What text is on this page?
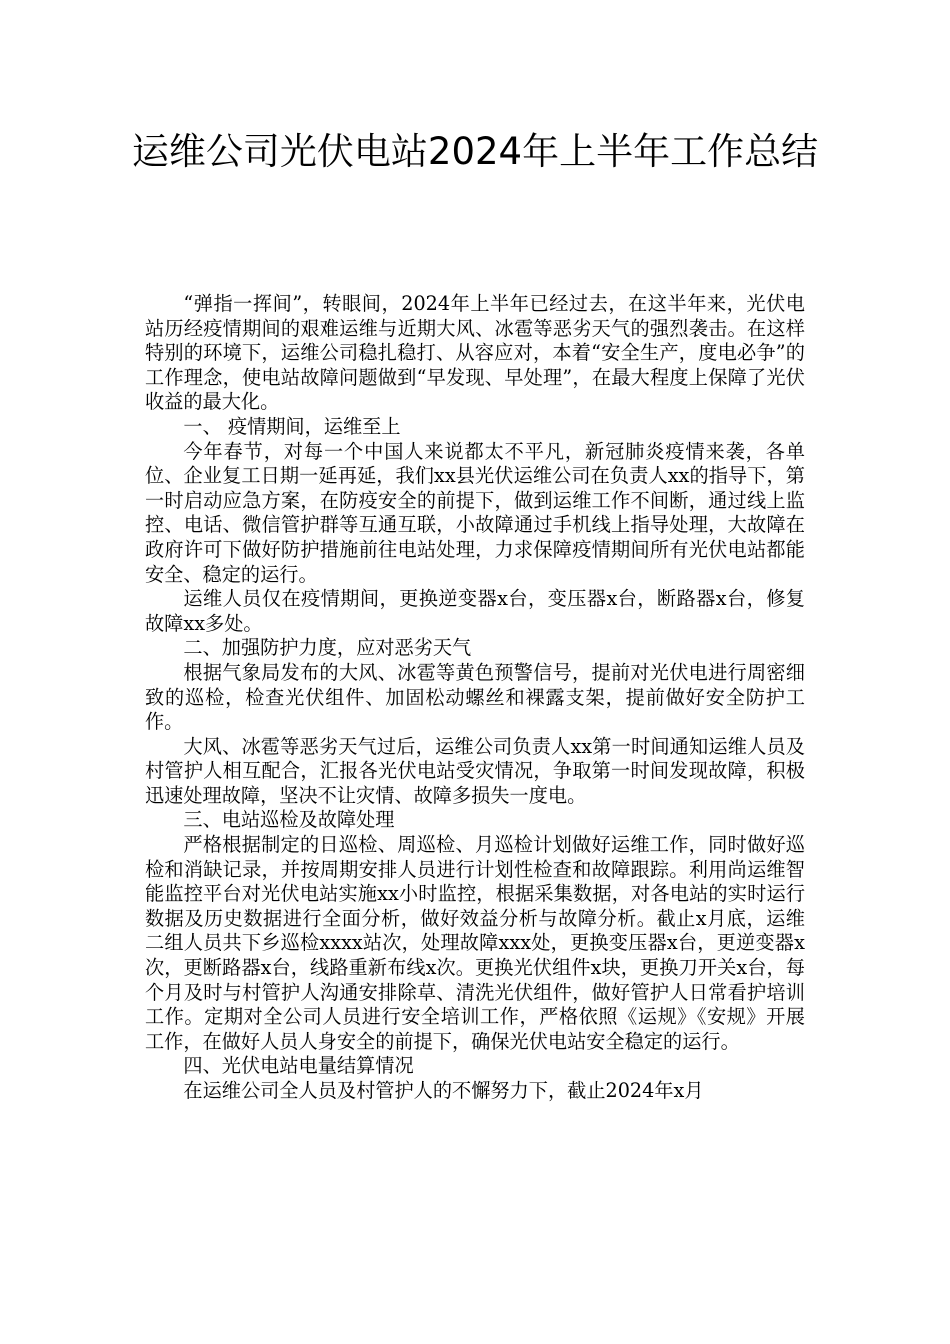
运维公司光伏电站2024年上半年工作总结

“弹指一挥间”，转眼间，2024年上半年已经过去，在这半年来，光伏电站历经疫情期间的艰难运维与近期大风、冰雹等恶劣天气的强烈袭击。在这样特别的环境下，运维公司稳扎稳打、从容应对，本着“安全生产，度电必争”的工作理念，使电站故障问题做到“早发现、早处理”，在最大程度上保障了光伏收益的最大化。

一、 疫情期间，运维至上

今年春节，对每一个中国人来说都太不平凡，新冠肺炎疫情来袭，各单位、企业复工日期一延再延，我们xx县光伏运维公司在负责人xx的指导下，第一时启动应急方案，在防疫安全的前提下，做到运维工作不间断，通过线上监控、电话、微信管护群等互通互联，小故障通过手机线上指导处理，大故障在政府许可下做好防护措施前往电站处理，力求保障疫情期间所有光伏电站都能安全、稳定的运行。

运维人员仅在疫情期间，更换逆变器x台，变压器x台，断路器x台，修复故障xx多处。

二、加强防护力度，应对恶劣天气

根据气象局发布的大风、冰雹等黄色预警信号，提前对光伏电进行周密细致的巡检，检查光伏组件、加固松动螺丝和裸露支架，提前做好安全防护工作。

大风、冰雹等恶劣天气过后，运维公司负责人xx第一时间通知运维人员及村管护人相互配合，汇报各光伏电站受灾情况，争取第一时间发现故障，积极迅速处理故障，坚决不让灾情、故障多损失一度电。

三、电站巡检及故障处理

严格根据制定的日巡检、周巡检、月巡检计划做好运维工作，同时做好巡检和消缺记录，并按周期安排人员进行计划性检查和故障跟踪。利用尚运维智能监控平台对光伏电站实施xx小时监控，根据采集数据，对各电站的实时运行数据及历史数据进行全面分析，做好效益分析与故障分析。截止x月底，运维二组人员共下乡巡检xxxx站次，处理故障xxx处，更换变压器x台，更逆变器x次，更断路器x台，线路重新布线x次。更换光伏组件x块，更换刀开关x台，每个月及时与村管护人沟通安排除草、清洗光伏组件，做好管护人日常看护培训工作。定期对全公司人员进行安全培训工作，严格依照《运规》《安规》开展工作，在做好人员人身安全的前提下，确保光伏电站安全稳定的运行。

四、光伏电站电量结算情况

在运维公司全人员及村管护人的不懈努力下，截止2024年x月
